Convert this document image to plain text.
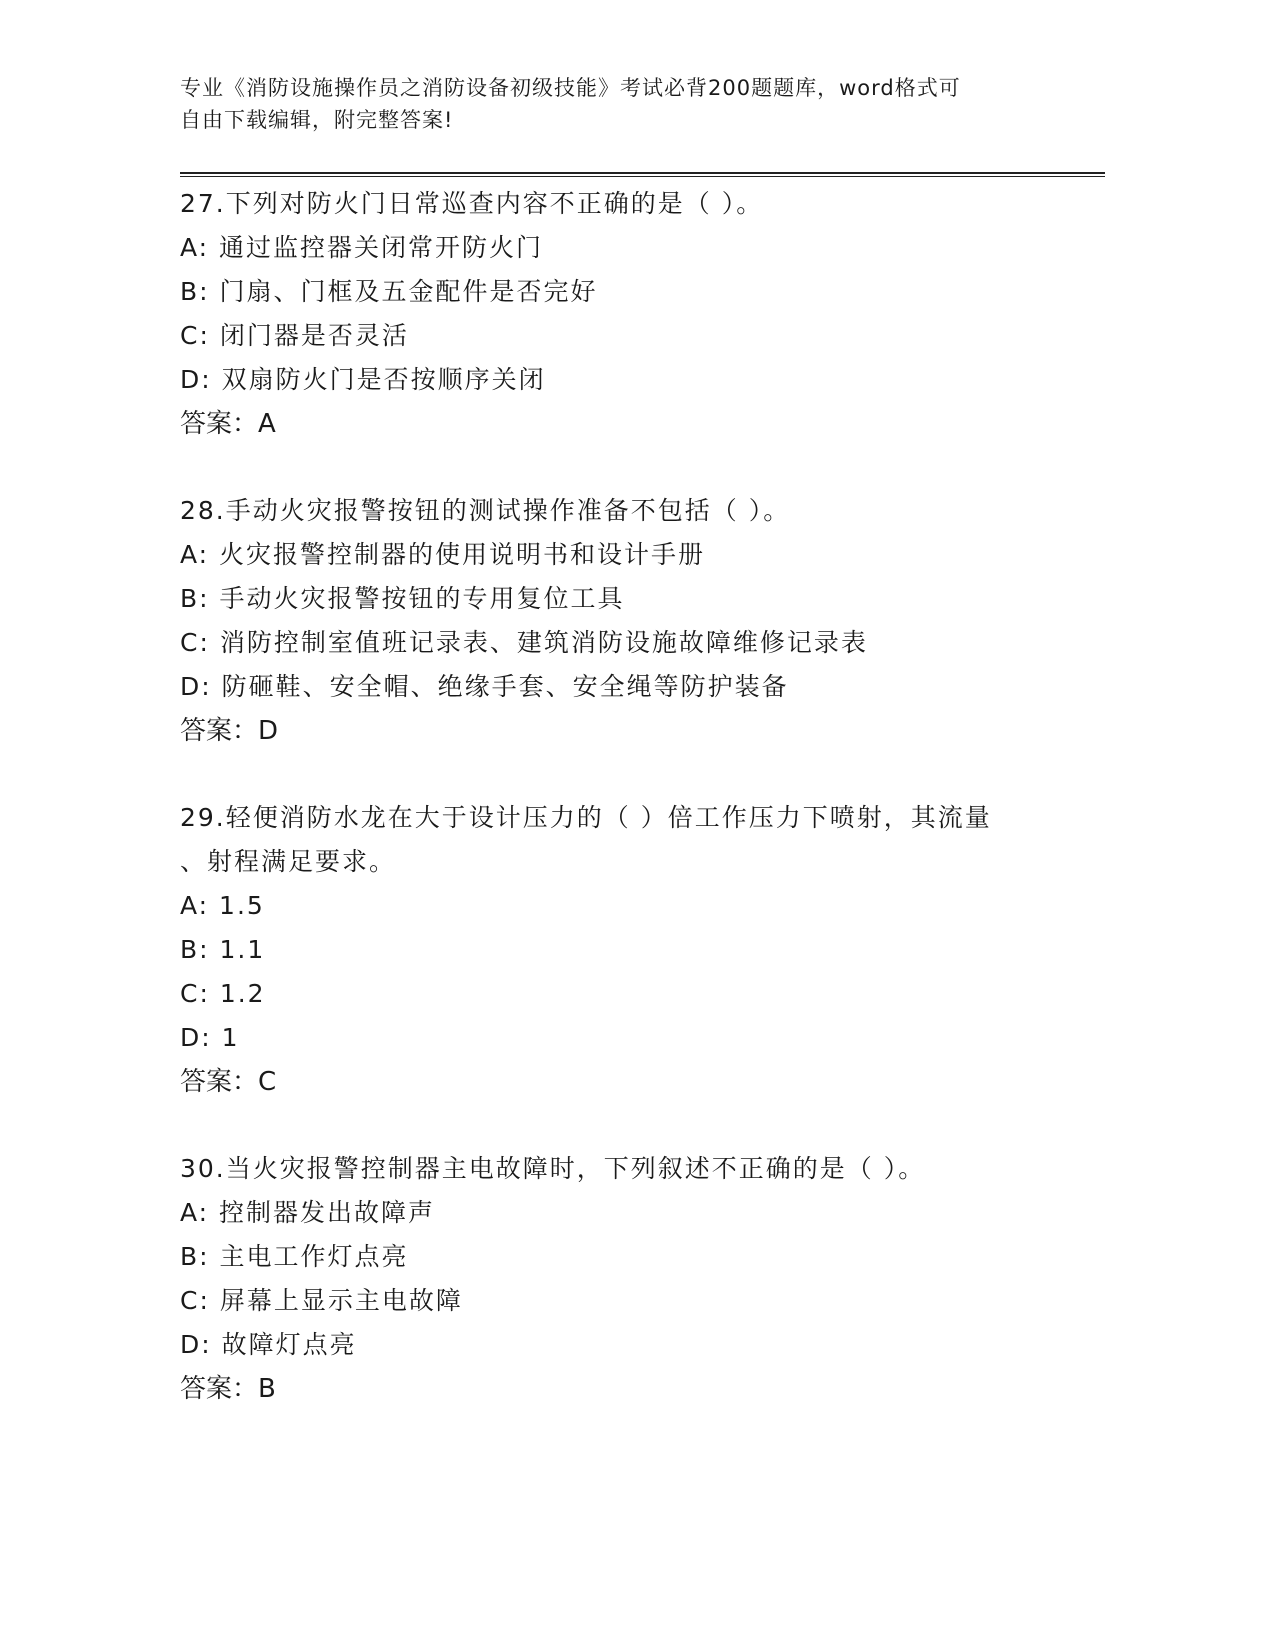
专业《消防设施操作员之消防设备初级技能》考试必背200题题库，word格式可
自由下载编辑，附完整答案!
27.下列对防火门日常巡查内容不正确的是（ ）。
A: 通过监控器关闭常开防火门
B: 门扇、门框及五金配件是否完好
C: 闭门器是否灵活
D: 双扇防火门是否按顺序关闭
答案：A
28.手动火灾报警按钮的测试操作准备不包括（ ）。
A: 火灾报警控制器的使用说明书和设计手册
B: 手动火灾报警按钮的专用复位工具
C: 消防控制室值班记录表、建筑消防设施故障维修记录表
D: 防砸鞋、安全帽、绝缘手套、安全绳等防护装备
答案：D
29.轻便消防水龙在大于设计压力的（ ）倍工作压力下喷射，其流量
、射程满足要求。
A: 1.5
B: 1.1
C: 1.2
D: 1
答案：C
30.当火灾报警控制器主电故障时，下列叙述不正确的是（ ）。
A: 控制器发出故障声
B: 主电工作灯点亮
C: 屏幕上显示主电故障
D: 故障灯点亮
答案：B
